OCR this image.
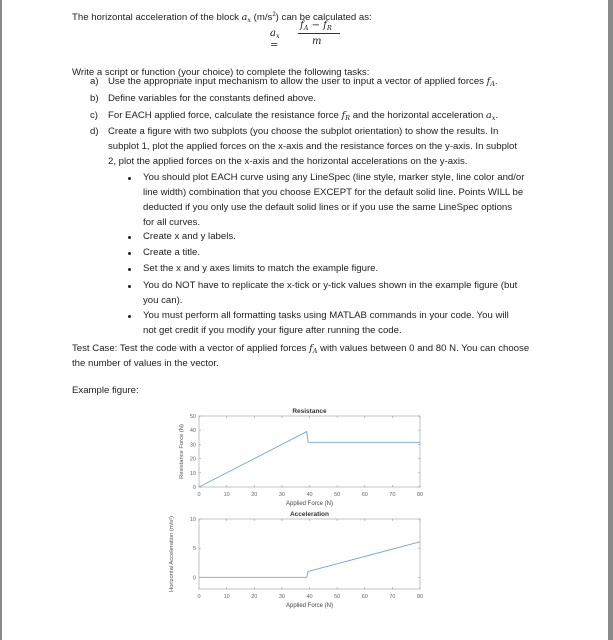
The horizontal acceleration of the block $a_x$ $(m/s^2)$ can be calculated as:
$a_x$ =
$f_A - f_R$
m
Write a script or function (your choice) to complete the following tasks:
a) Use the appropriate input mechanism to allow the user to input a vector of applied forces $f_A$.
b) Define variables for the constants defined above.
c) For EACH applied force, calculate the resistance force $f_R$ and the horizontal acceleration $a_x$.
d) Create a figure with two subplots (you choose the subplot orientation) to show the results. In
subplot 1, plot the applied forces on the x-axis and the resistance forces on the y-axis. In subplot
2, plot the applied forces on the x-axis and the horizontal accelerations on the y-axis.
You should plot EACH curve using any LineSpec (line style, marker style, line color and/or
line width) combination that you choose EXCEPT for the default solid line. Points WILL be
deducted if you only use the default solid lines or if you use the same LineSpec options
for all curves.
Create x and y labels.
Create a title.
Set the x and y axes limits to match the example figure.
You do NOT have to replicate the x-tick or y-tick values shown in the example figure (but
you can).
You must perform all formatting tasks using MATLAB commands in your code. You will
not get credit if you modify your figure after running the code.
Test Case: Test the code with a vector of applied forces $f_A$ with values between 0 and 80 N. You can choose
the number of values in the vector.
Example figure:
0	10	20	30	40	50	60	70	80
0
10
20
30
40
50
Resistance
Applied Force (N)
Resistance Force (N)
0	10	20	30	40	50	60	70	80
0
5
10
Acceleration
Applied Force (N)
Horizontal Acceleration (m/s²)
